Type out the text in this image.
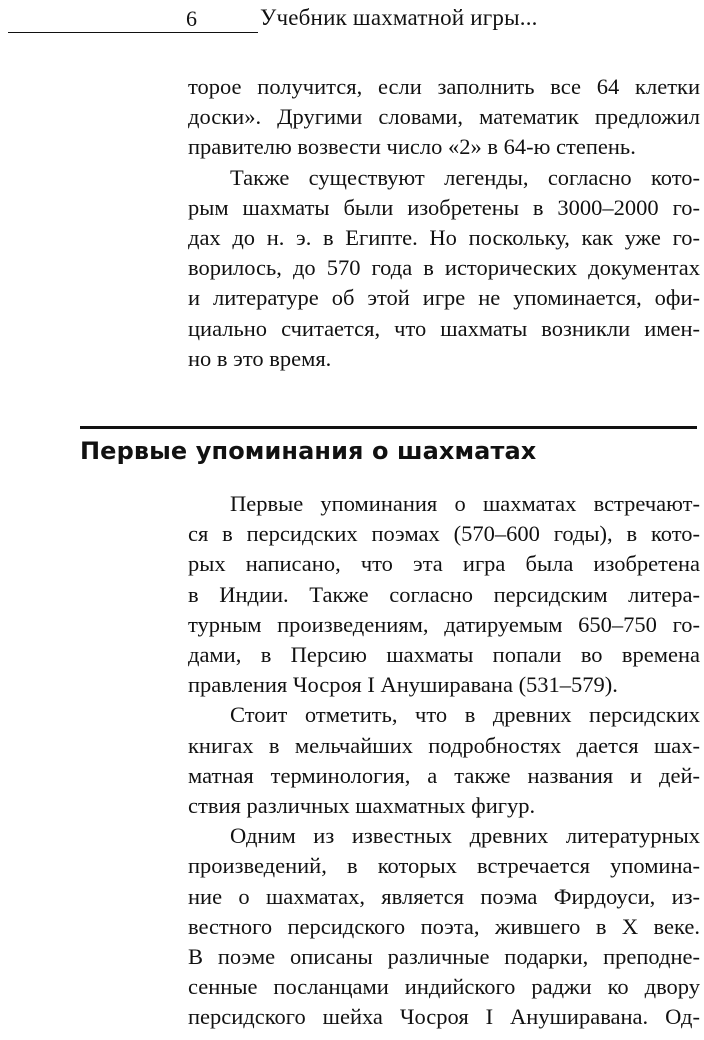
6	Учебник шахматной игры...
торое получится, если заполнить все 64 клетки
доски». Другими словами, математик предложил
правителю возвести число «2» в 64-ю степень.
Также существуют легенды, согласно кото-
рым шахматы были изобретены в 3000–2000 го-
дах до н. э. в Египте. Но поскольку, как уже го-
ворилось, до 570 года в исторических документах
и литературе об этой игре не упоминается, офи-
циально считается, что шахматы возникли имен-
но в это время.
Первые упоминания о шахматах
Первые упоминания о шахматах встречают-
ся в персидских поэмах (570–600 годы), в кото-
рых написано, что эта игра была изобретена
в Индии. Также согласно персидским литера-
турным произведениям, датируемым 650–750 го-
дами, в Персию шахматы попали во времена
правления Чосроя I Ануширавана (531–579).
Стоит отметить, что в древних персидских
книгах в мельчайших подробностях дается шах-
матная терминология, а также названия и дей-
ствия различных шахматных фигур.
Одним из известных древних литературных
произведений, в которых встречается упомина-
ние о шахматах, является поэма Фирдоуси, из-
вестного персидского поэта, жившего в X веке.
В поэме описаны различные подарки, преподне-
сенные посланцами индийского раджи ко двору
персидского шейха Чосроя I Ануширавана. Од-
